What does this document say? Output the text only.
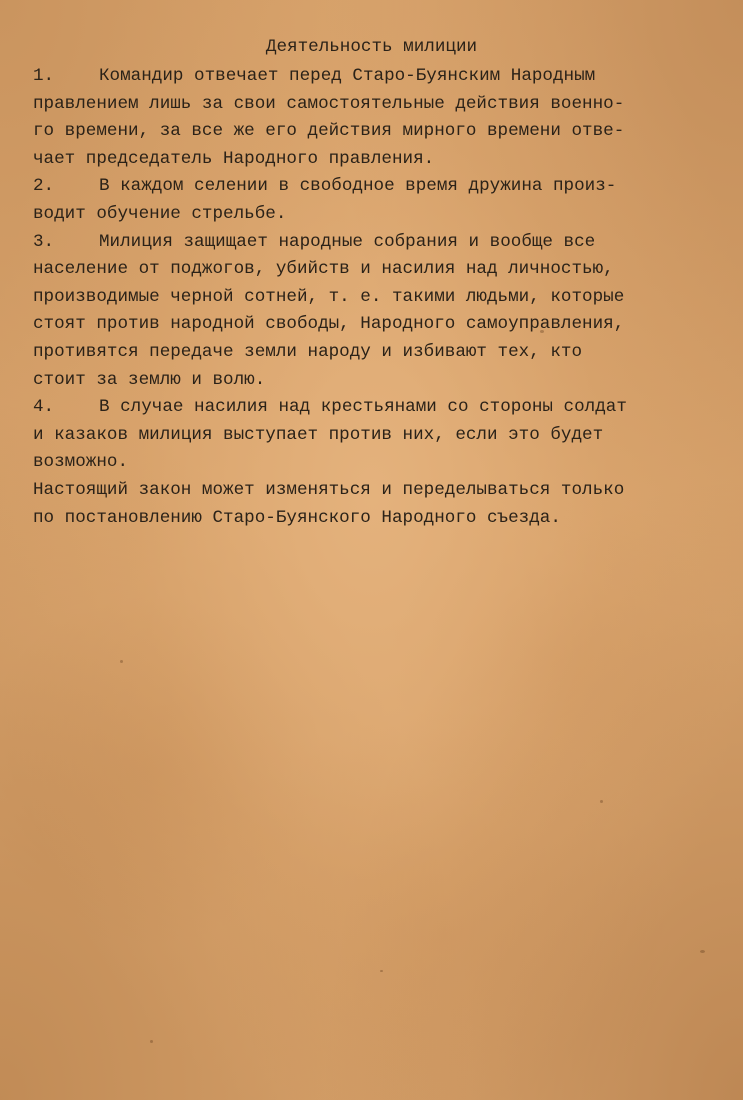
Деятельность милиции
1.	Командир отвечает перед Старо-Буянским Народным
правлением лишь за свои самостоятельные действия военно-
го времени, за все же его действия мирного времени отве-
чает председатель Народного правления.
2.	В каждом селении в свободное время дружина произ-
водит обучение стрельбе.
3.	Милиция защищает народные собрания и вообще все
население от поджогов, убийств и насилия над личностью,
производимые черной сотней, т. е. такими людьми, которые
стоят против народной свободы, Народного самоуправления,
противятся передаче земли народу и избивают тех, кто
стоит за землю и волю.
4.	В случае насилия над крестьянами со стороны солдат
и казаков милиция выступает против них, если это будет
возможно.
Настоящий закон может изменяться и переделываться только
по постановлению Старо-Буянского Народного съезда.
